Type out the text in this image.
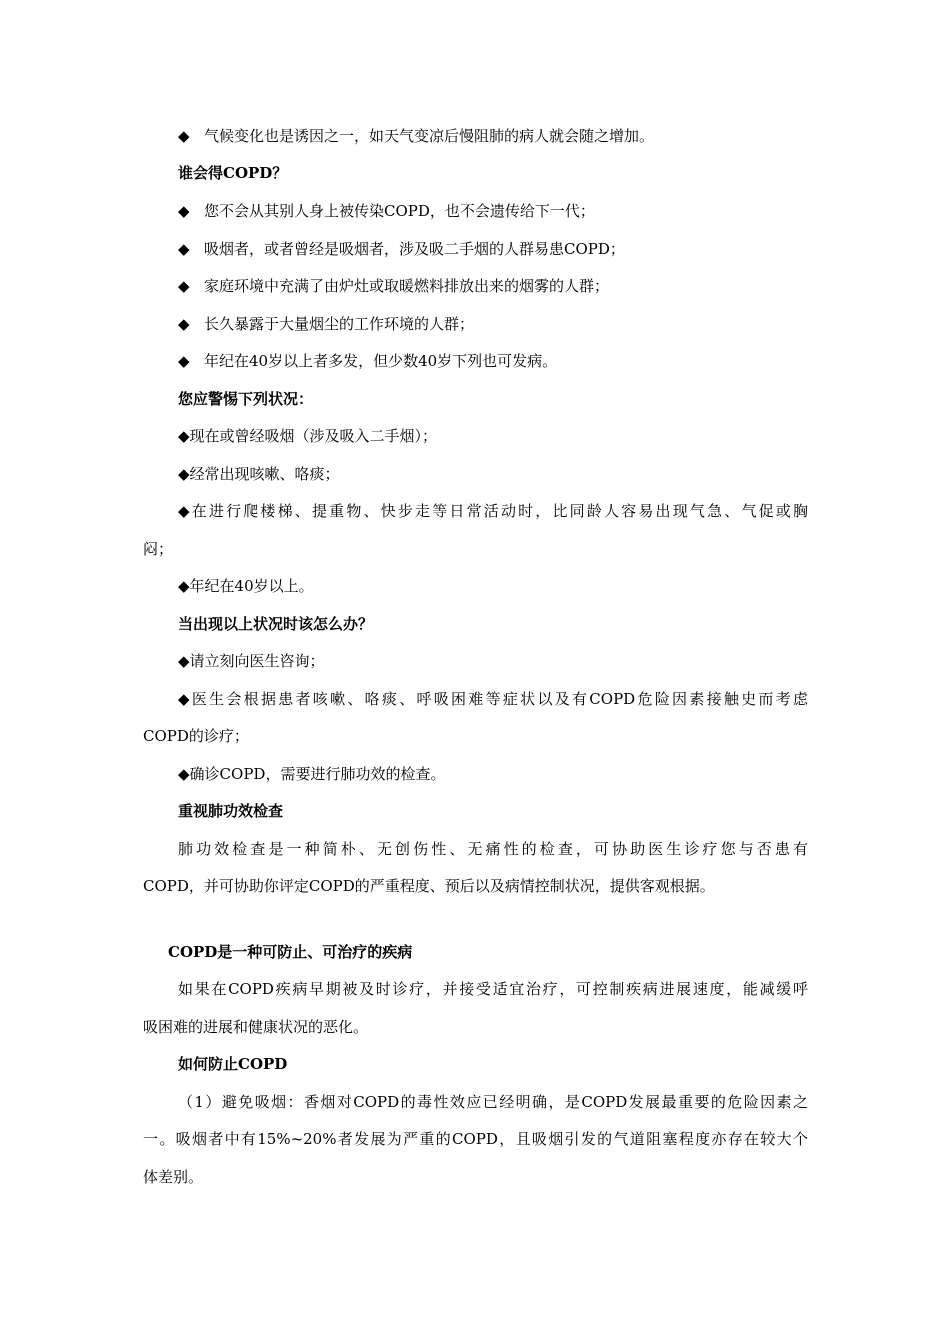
◆ 气候变化也是诱因之一，如天气变凉后慢阻肺的病人就会随之增加。
谁会得COPD？
◆ 您不会从其别人身上被传染COPD，也不会遗传给下一代；
◆ 吸烟者，或者曾经是吸烟者，涉及吸二手烟的人群易患COPD；
◆ 家庭环境中充满了由炉灶或取暖燃料排放出来的烟雾的人群；
◆ 长久暴露于大量烟尘的工作环境的人群；
◆ 年纪在40岁以上者多发，但少数40岁下列也可发病。
您应警惕下列状况：
◆现在或曾经吸烟（涉及吸入二手烟）；
◆经常出现咳嗽、咯痰；
◆在进行爬楼梯、提重物、快步走等日常活动时，比同龄人容易出现气急、气促或胸
闷；
◆年纪在40岁以上。
当出现以上状况时该怎么办？
◆请立刻向医生咨询；
◆医生会根据患者咳嗽、咯痰、呼吸困难等症状以及有COPD危险因素接触史而考虑
COPD的诊疗；
◆确诊COPD，需要进行肺功效的检查。
重视肺功效检查
肺功效检查是一种简朴、无创伤性、无痛性的检查，可协助医生诊疗您与否患有
COPD，并可协助你评定COPD的严重程度、预后以及病情控制状况，提供客观根据。
COPD是一种可防止、可治疗的疾病
如果在COPD疾病早期被及时诊疗，并接受适宜治疗，可控制疾病进展速度，能减缓呼
吸困难的进展和健康状况的恶化。
如何防止COPD
（1）避免吸烟：香烟对COPD的毒性效应已经明确，是COPD发展最重要的危险因素之
一。吸烟者中有15%~20%者发展为严重的COPD，且吸烟引发的气道阻塞程度亦存在较大个
体差别。
